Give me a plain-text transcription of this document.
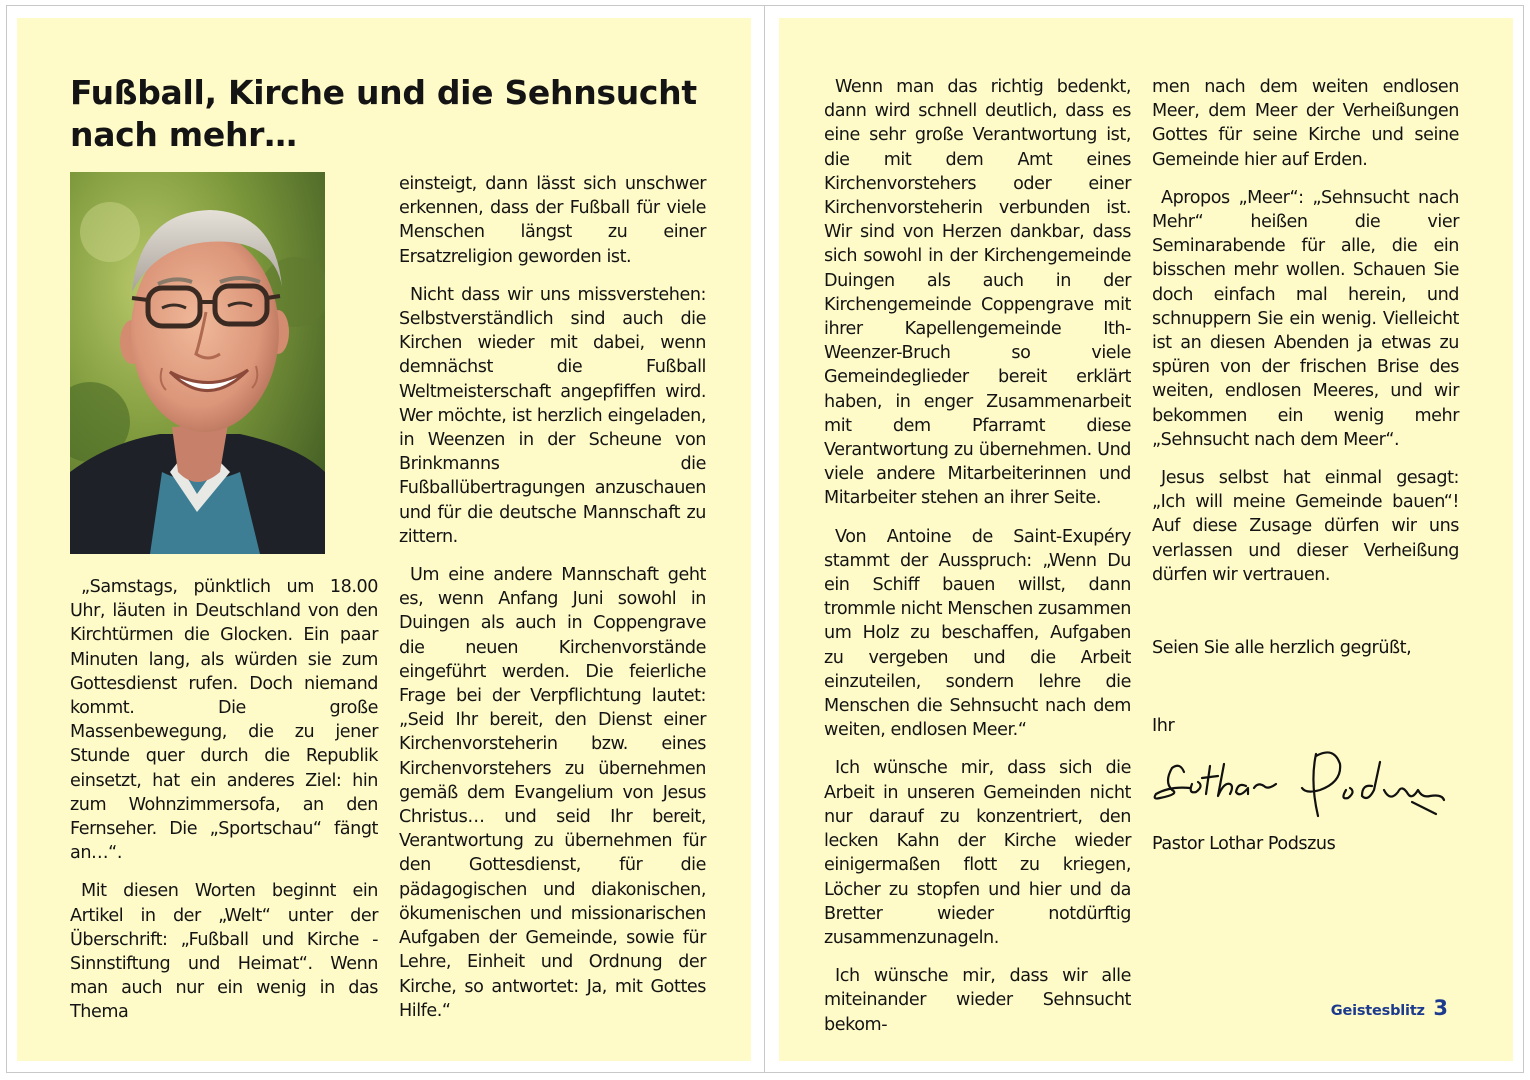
Fußball, Kirche und die Sehnsucht nach mehr…

„Samstags, pünktlich um 18.00 Uhr, läuten in Deutschland von den Kirchtürmen die Glocken. Ein paar Minuten lang, als würden sie zum Gottesdienst rufen. Doch niemand kommt. Die große Massenbewegung, die zu jener Stunde quer durch die Republik einsetzt, hat ein anderes Ziel: hin zum Wohnzimmersofa, an den Fernseher. Die „Sportschau“ fängt an…“.

Mit diesen Worten beginnt ein Artikel in der „Welt“ unter der Überschrift: „Fußball und Kirche - Sinnstiftung und Heimat“. Wenn man auch nur ein wenig in das Thema

einsteigt, dann lässt sich unschwer erkennen, dass der Fußball für viele Menschen längst zu einer Ersatzreligion geworden ist.

Nicht dass wir uns missverstehen: Selbstverständlich sind auch die Kirchen wieder mit dabei, wenn demnächst die Fußball Weltmeisterschaft angepfiffen wird. Wer möchte, ist herzlich eingeladen, in Weenzen in der Scheune von Brinkmanns die Fußballübertragungen anzuschauen und für die deutsche Mannschaft zu zittern.

Um eine andere Mannschaft geht es, wenn Anfang Juni sowohl in Duingen als auch in Coppengrave die neuen Kirchenvorstände eingeführt werden. Die feierliche Frage bei der Verpflichtung lautet: „Seid Ihr bereit, den Dienst einer Kirchenvorsteherin bzw. eines Kirchenvorstehers zu übernehmen gemäß dem Evangelium von Jesus Christus… und seid Ihr bereit, Verantwortung zu übernehmen für den Gottesdienst, für die pädagogischen und diakonischen, ökumenischen und missionarischen Aufgaben der Gemeinde, sowie für Lehre, Einheit und Ordnung der Kirche, so antwortet: Ja, mit Gottes Hilfe.“

Wenn man das richtig bedenkt, dann wird schnell deutlich, dass es eine sehr große Verantwortung ist, die mit dem Amt eines Kirchenvorstehers oder einer Kirchenvorsteherin verbunden ist. Wir sind von Herzen dankbar, dass sich sowohl in der Kirchengemeinde Duingen als auch in der Kirchengemeinde Coppengrave mit ihrer Kapellengemeinde Ith-Weenzer-Bruch so viele Gemeindeglieder bereit erklärt haben, in enger Zusammenarbeit mit dem Pfarramt diese Verantwortung zu übernehmen. Und viele andere Mitarbeiterinnen und Mitarbeiter stehen an ihrer Seite.

Von Antoine de Saint-Exupéry stammt der Ausspruch: „Wenn Du ein Schiff bauen willst, dann trommle nicht Menschen zusammen um Holz zu beschaffen, Aufgaben zu vergeben und die Arbeit einzuteilen, sondern lehre die Menschen die Sehnsucht nach dem weiten, endlosen Meer.“

Ich wünsche mir, dass sich die Arbeit in unseren Gemeinden nicht nur darauf zu konzentriert, den lecken Kahn der Kirche wieder einigermaßen flott zu kriegen, Löcher zu stopfen und hier und da Bretter wieder notdürftig zusammenzunageln.

Ich wünsche mir, dass wir alle miteinander wieder Sehnsucht bekom-

men nach dem weiten endlosen Meer, dem Meer der Verheißungen Gottes für seine Kirche und seine Gemeinde hier auf Erden.

Apropos „Meer“: „Sehnsucht nach Mehr“ heißen die vier Seminarabende für alle, die ein bisschen mehr wollen. Schauen Sie doch einfach mal herein, und schnuppern Sie ein wenig. Vielleicht ist an diesen Abenden ja etwas zu spüren von der frischen Brise des weiten, endlosen Meeres, und wir bekommen ein wenig mehr „Sehnsucht nach dem Meer“.

Jesus selbst hat einmal gesagt: „Ich will meine Gemeinde bauen“! Auf diese Zusage dürfen wir uns verlassen und dieser Verheißung dürfen wir vertrauen.

Seien Sie alle herzlich gegrüßt,

Ihr

Pastor Lothar Podszus

Geistesblitz 3
